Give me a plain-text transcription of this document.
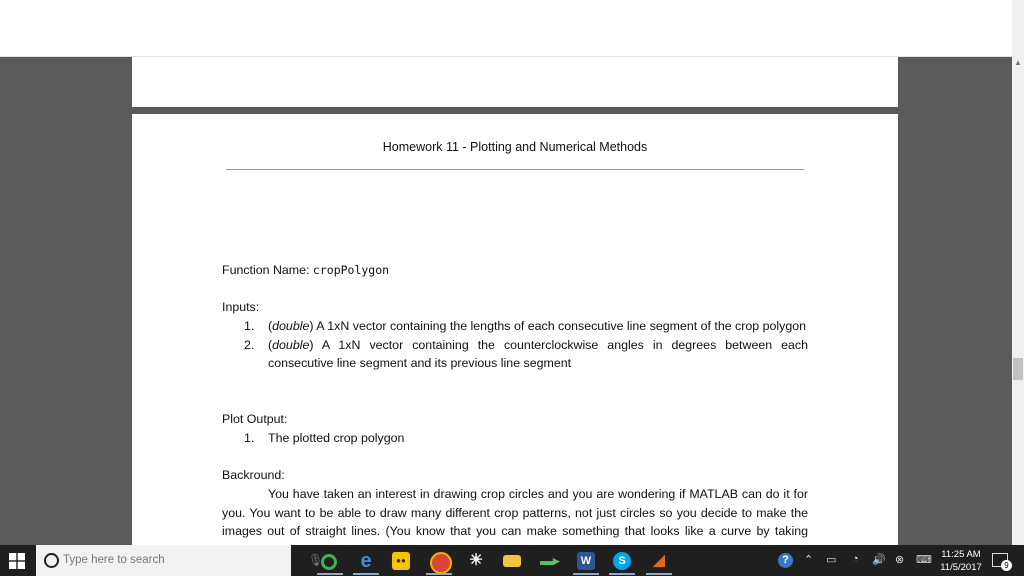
Homework 11 - Plotting and Numerical Methods
Function Name: cropPolygon
Inputs:
1. (double) A 1xN vector containing the lengths of each consecutive line segment of the crop polygon
2. (double) A 1xN vector containing the counterclockwise angles in degrees between each consecutive line segment and its previous line segment
Plot Output:
1. The plotted crop polygon
Backround:
You have taken an interest in drawing crop circles and you are wondering if MATLAB can do it for you. You want to be able to draw many different crop patterns, not just circles so you decide to make the images out of straight lines. (You know that you can make something that looks like a curve by taking
▲
Type here to search	🎙 e	●●	☀	▬▸	W	S	◢	?	⌃ ▭ ◔ 🔊 ⊗ ⌨ 11:25 AM
11/5/2017	9
